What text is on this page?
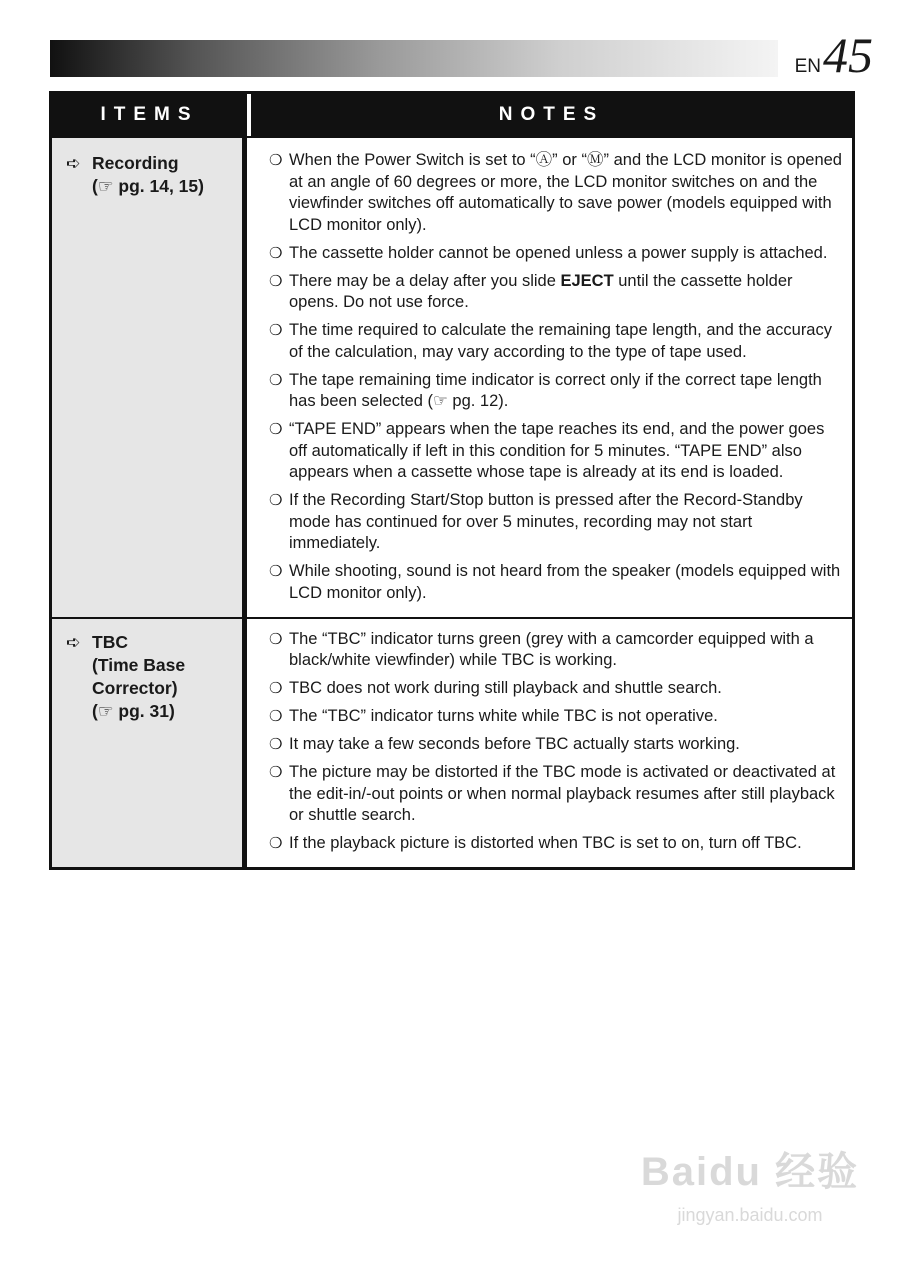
EN 45
ITEMS	NOTES
➪ Recording
(☞ pg. 14, 15)
❍ When the Power Switch is set to “Ⓐ” or “Ⓜ” and the LCD monitor is opened at an angle of 60 degrees or more, the LCD monitor switches on and the viewfinder switches off automatically to save power (models equipped with LCD monitor only).
❍ The cassette holder cannot be opened unless a power supply is attached.
❍ There may be a delay after you slide EJECT until the cassette holder opens. Do not use force.
❍ The time required to calculate the remaining tape length, and the accuracy of the calculation, may vary according to the type of tape used.
❍ The tape remaining time indicator is correct only if the correct tape length has been selected (☞ pg. 12).
❍ “TAPE END” appears when the tape reaches its end, and the power goes off automatically if left in this condition for 5 minutes. “TAPE END” also appears when a cassette whose tape is already at its end is loaded.
❍ If the Recording Start/Stop button is pressed after the Record-Standby mode has continued for over 5 minutes, recording may not start immediately.
❍ While shooting, sound is not heard from the speaker (models equipped with LCD monitor only).
➪ TBC
(Time Base
Corrector)
(☞ pg. 31)
❍ The “TBC” indicator turns green (grey with a camcorder equipped with a black/white viewfinder) while TBC is working.
❍ TBC does not work during still playback and shuttle search.
❍ The “TBC” indicator turns white while TBC is not operative.
❍ It may take a few seconds before TBC actually starts working.
❍ The picture may be distorted if the TBC mode is activated or deactivated at the edit-in/-out points or when normal playback resumes after still playback or shuttle search.
❍ If the playback picture is distorted when TBC is set to on, turn off TBC.
Baidu 经验
jingyan.baidu.com
